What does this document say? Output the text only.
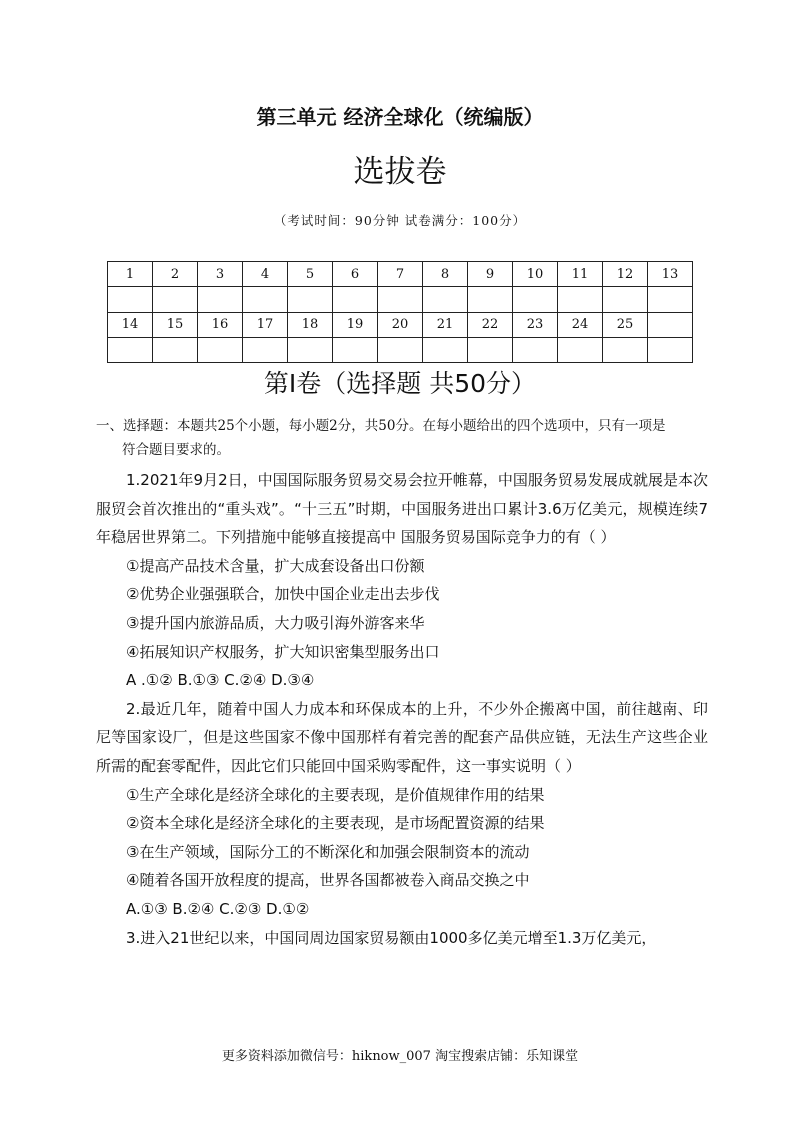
第三单元 经济全球化（统编版）
选拔卷
（考试时间：90分钟 试卷满分：100分）
1	2	3	4	5	6	7	8	9	10	11	12	13

14	15	16	17	18	19	20	21	22	23	24	25	

第I卷（选择题 共50分）
一、选择题：本题共25个小题，每小题2分，共50分。在每小题给出的四个选项中，只有一项是
符合题目要求的。
1.2021年9月2日，中国国际服务贸易交易会拉开帷幕，中国服务贸易发展成就展是本次服贸会首次推出的“重头戏”。“十三五”时期，中国服务进出口累计3.6万亿美元，规模连续7年稳居世界第二。下列措施中能够直接提高中 国服务贸易国际竞争力的有（ ）
①提高产品技术含量，扩大成套设备出口份额
②优势企业强强联合，加快中国企业走出去步伐
③提升国内旅游品质，大力吸引海外游客来华
④拓展知识产权服务，扩大知识密集型服务出口
A .①② B.①③ C.②④ D.③④
2.最近几年，随着中国人力成本和环保成本的上升，不少外企搬离中国，前往越南、印尼等国家设厂，但是这些国家不像中国那样有着完善的配套产品供应链，无法生产这些企业所需的配套零配件，因此它们只能回中国采购零配件，这一事实说明（ ）
①生产全球化是经济全球化的主要表现，是价值规律作用的结果
②资本全球化是经济全球化的主要表现，是市场配置资源的结果
③在生产领域，国际分工的不断深化和加强会限制资本的流动
④随着各国开放程度的提高，世界各国都被卷入商品交换之中
A.①③ B.②④ C.②③ D.①②
3.进入21世纪以来，中国同周边国家贸易额由1000多亿美元增至1.3万亿美元，
更多资料添加微信号：hiknow_007 淘宝搜索店铺：乐知课堂
